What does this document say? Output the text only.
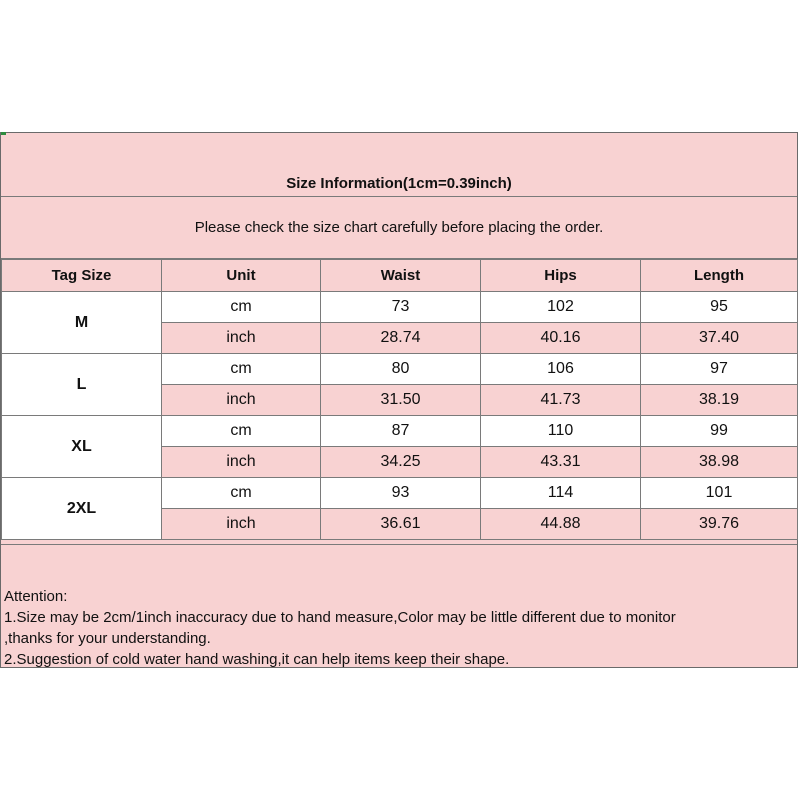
Size Information(1cm=0.39inch)
Please check the size chart carefully before placing the order.
Tag Size	Unit	Waist	Hips	Length
M	cm	73	102	95
	inch	28.74	40.16	37.40
L	cm	80	106	97
	inch	31.50	41.73	38.19
XL	cm	87	110	99
	inch	34.25	43.31	38.98
2XL	cm	93	114	101
	inch	36.61	44.88	39.76
Attention:
1.Size may be 2cm/1inch inaccuracy due to hand measure,Color may be little different due to monitor
,thanks for your understanding.
2.Suggestion of cold water hand washing,it can help items keep their shape.
